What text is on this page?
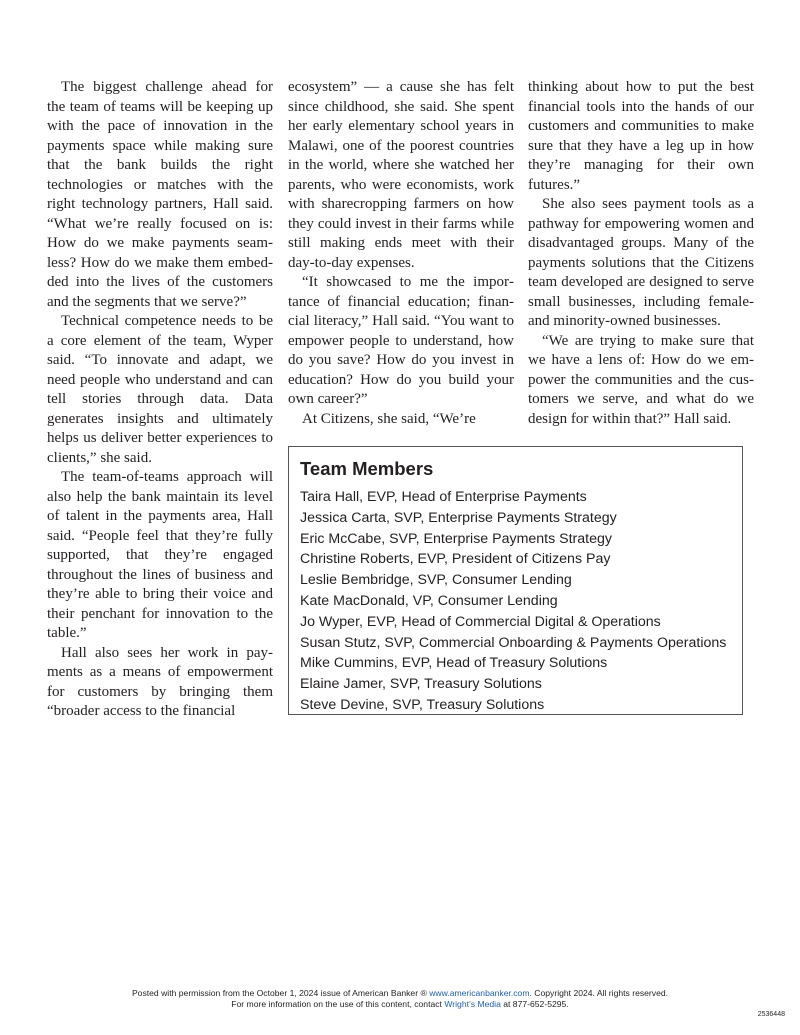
The biggest challenge ahead for the team of teams will be keeping up with the pace of innovation in the payments space while making sure that the bank builds the right technologies or matches with the right technology partners, Hall said. “What we’re really focused on is: How do we make payments seamless? How do we make them embedded into the lives of the customers and the segments that we serve?”

Technical competence needs to be a core element of the team, Wyper said. “To innovate and adapt, we need people who understand and can tell stories through data. Data generates insights and ultimately helps us deliver better experiences to clients,” she said.

The team-of-teams approach will also help the bank maintain its level of talent in the payments area, Hall said. “People feel that they’re fully supported, that they’re engaged throughout the lines of business and they’re able to bring their voice and their penchant for innovation to the table.”

Hall also sees her work in payments as a means of empowerment for customers by bringing them “broader access to the financial

ecosystem” — a cause she has felt since childhood, she said. She spent her early elementary school years in Malawi, one of the poorest countries in the world, where she watched her parents, who were economists, work with sharecropping farmers on how they could invest in their farms while still making ends meet with their day-to-day expenses.

“It showcased to me the importance of financial education; financial literacy,” Hall said. “You want to empower people to understand, how do you save? How do you invest in education? How do you build your own career?”

At Citizens, she said, “We’re

thinking about how to put the best financial tools into the hands of our customers and communities to make sure that they have a leg up in how they’re managing for their own futures.”

She also sees payment tools as a pathway for empowering women and disadvantaged groups. Many of the payments solutions that the Citizens team developed are designed to serve small businesses, including female- and minority-owned businesses.

“We are trying to make sure that we have a lens of: How do we empower the communities and the customers we serve, and what do we design for within that?” Hall said.

Team Members
Taira Hall, EVP, Head of Enterprise Payments
Jessica Carta, SVP, Enterprise Payments Strategy
Eric McCabe, SVP, Enterprise Payments Strategy
Christine Roberts, EVP, President of Citizens Pay
Leslie Bembridge, SVP, Consumer Lending
Kate MacDonald, VP, Consumer Lending
Jo Wyper, EVP, Head of Commercial Digital & Operations
Susan Stutz, SVP, Commercial Onboarding & Payments Operations
Mike Cummins, EVP, Head of Treasury Solutions
Elaine Jamer, SVP, Treasury Solutions
Steve Devine, SVP, Treasury Solutions
Posted with permission from the October 1, 2024 issue of American Banker ® www.americanbanker.com. Copyright 2024. All rights reserved.
For more information on the use of this content, contact Wright’s Media at 877-652-5295.
2536448
